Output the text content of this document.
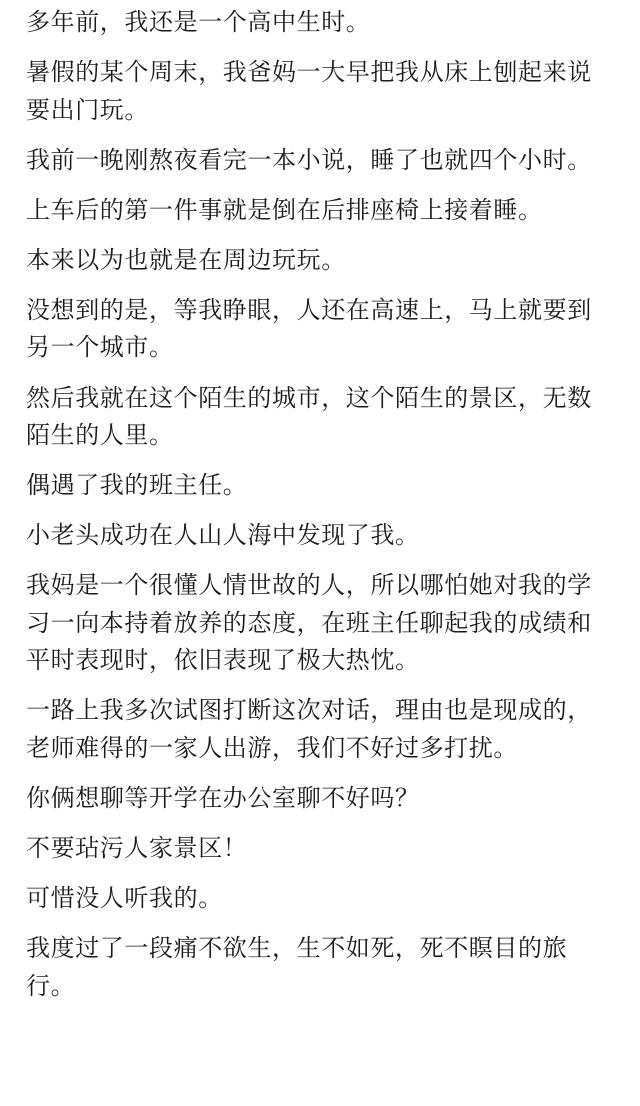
多年前，我还是一个高中生时。

暑假的某个周末，我爸妈一大早把我从床上刨起来说要出门玩。

我前一晚刚熬夜看完一本小说，睡了也就四个小时。

上车后的第一件事就是倒在后排座椅上接着睡。

本来以为也就是在周边玩玩。

没想到的是，等我睁眼，人还在高速上，马上就要到另一个城市。

然后我就在这个陌生的城市，这个陌生的景区，无数陌生的人里。

偶遇了我的班主任。

小老头成功在人山人海中发现了我。

我妈是一个很懂人情世故的人，所以哪怕她对我的学习一向本持着放养的态度，在班主任聊起我的成绩和平时表现时，依旧表现了极大热忱。

一路上我多次试图打断这次对话，理由也是现成的，老师难得的一家人出游，我们不好过多打扰。

你俩想聊等开学在办公室聊不好吗？

不要玷污人家景区！

可惜没人听我的。

我度过了一段痛不欲生，生不如死，死不瞑目的旅行。
